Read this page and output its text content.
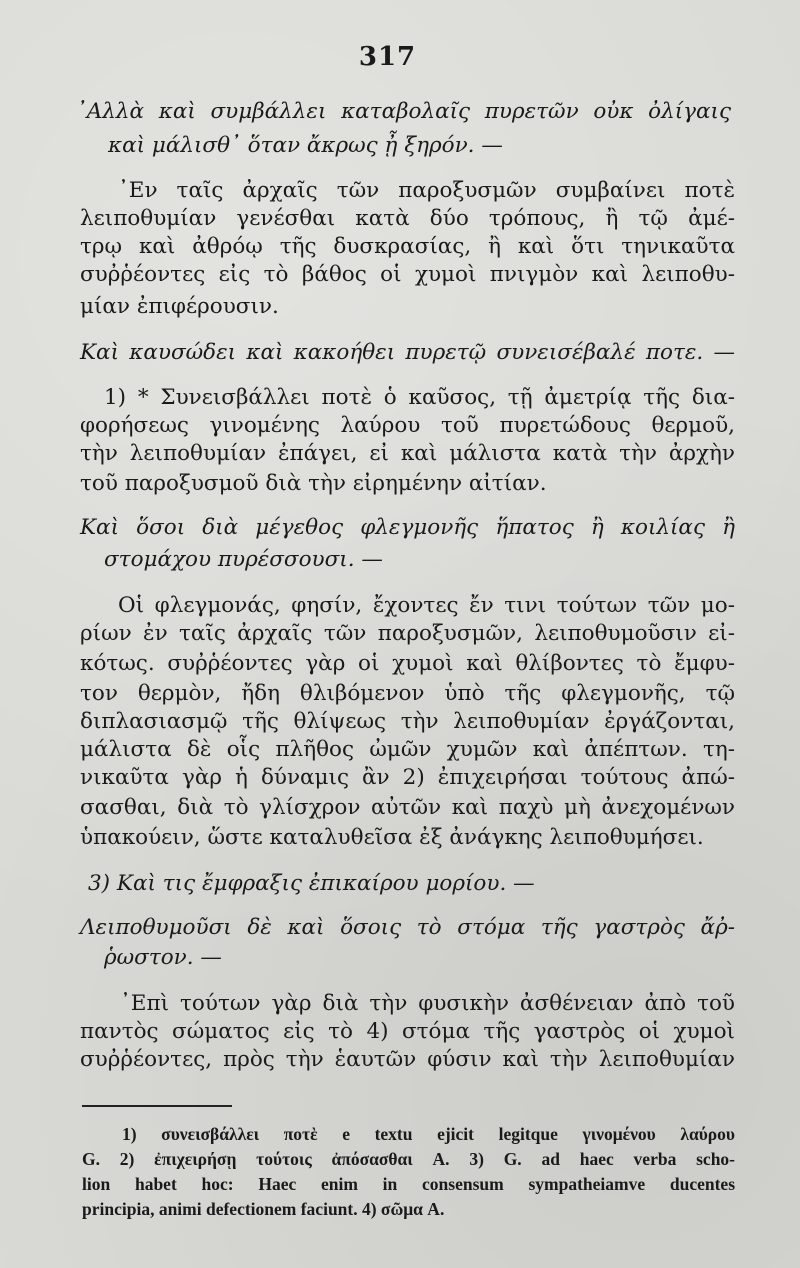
317
᾿Αλλὰ καὶ συμβάλλει καταβολαῖς πυρετῶν οὐκ ὀλίγαις
καὶ μάλισθ᾿ ὅταν ἄκρως ᾖ ξηρόν. —
᾿Εν ταῖς ἀρχαῖς τῶν παροξυσμῶν συμβαίνει ποτὲ
λειποθυμίαν γενέσθαι κατὰ δύο τρόπους, ἢ τῷ ἀμέ-
τρῳ καὶ ἀθρόῳ τῆς δυσκρασίας, ἢ καὶ ὅτι τηνικαῦτα
συῤῥέοντες εἰς τὸ βάθος οἱ χυμοὶ πνιγμὸν καὶ λειποθυ-
μίαν ἐπιφέρουσιν.
Καὶ καυσώδει καὶ κακοήθει πυρετῷ συνεισέβαλέ ποτε. —
1) * Συνεισβάλλει ποτὲ ὁ καῦσος, τῇ ἀμετρίᾳ τῆς δια-
φορήσεως γινομένης λαύρου τοῦ πυρετώδους θερμοῦ,
τὴν λειποθυμίαν ἐπάγει, εἰ καὶ μάλιστα κατὰ τὴν ἀρχὴν
τοῦ παροξυσμοῦ διὰ τὴν εἰρημένην αἰτίαν.
Καὶ ὅσοι διὰ μέγεθος φλεγμονῆς ἥπατος ἢ κοιλίας ἢ
στομάχου πυρέσσουσι. —
Οἱ φλεγμονάς, φησίν, ἔχοντες ἔν τινι τούτων τῶν μο-
ρίων ἐν ταῖς ἀρχαῖς τῶν παροξυσμῶν, λειποθυμοῦσιν εἰ-
κότως. συῤῥέοντες γὰρ οἱ χυμοὶ καὶ θλίβοντες τὸ ἔμφυ-
τον θερμὸν, ἤδη θλιβόμενον ὑπὸ τῆς φλεγμονῆς, τῷ
διπλασιασμῷ τῆς θλίψεως τὴν λειποθυμίαν ἐργάζονται,
μάλιστα δὲ οἷς πλῆθος ὠμῶν χυμῶν καὶ ἀπέπτων. τη-
νικαῦτα γὰρ ἡ δύναμις ἂν 2) ἐπιχειρήσαι τούτους ἀπώ-
σασθαι, διὰ τὸ γλίσχρον αὐτῶν καὶ παχὺ μὴ ἀνεχομένων
ὑπακούειν, ὥστε καταλυθεῖσα ἐξ ἀνάγκης λειποθυμήσει.
3) Καὶ τις ἔμφραξις ἐπικαίρου μορίου. —
Λειποθυμοῦσι δὲ καὶ ὅσοις τὸ στόμα τῆς γαστρὸς ἄῤ-
ῥωστον. —
᾿Επὶ τούτων γὰρ διὰ τὴν φυσικὴν ἀσθένειαν ἀπὸ τοῦ
παντὸς σώματος εἰς τὸ 4) στόμα τῆς γαστρὸς οἱ χυμοὶ
συῤῥέοντες, πρὸς τὴν ἑαυτῶν φύσιν καὶ τὴν λειποθυμίαν
1) συνεισβάλλει ποτὲ e textu ejicit legitque γινομένου λαύρου
G. 2) ἐπιχειρήσῃ τούτοις ἀπόσασθαι A. 3) G. ad haec verba scho-
lion habet hoc: Haec enim in consensum sympatheiamve ducentes
principia, animi defectionem faciunt. 4) σῶμα A.
